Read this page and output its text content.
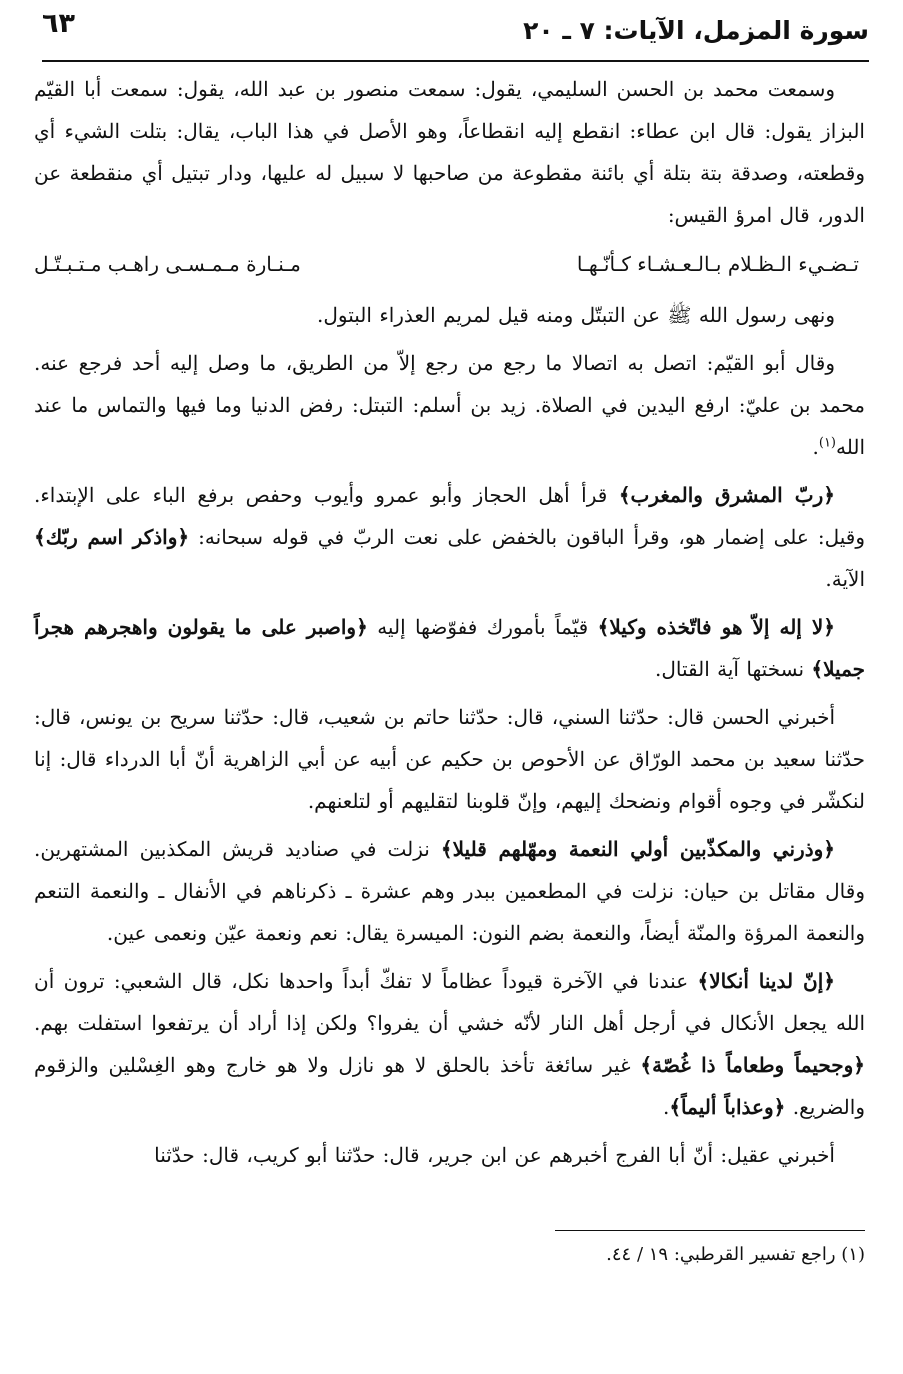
سورة المزمل، الآيات: ٧ ـ ٢٠
٦٣

وسمعت محمد بن الحسن السليمي، يقول: سمعت منصور بن عبد الله، يقول: سمعت أبا القيّم البزاز يقول: قال ابن عطاء: انقطع إليه انقطاعاً، وهو الأصل في هذا الباب، يقال: بتلت الشيء أي وقطعته، وصدقة بتة بتلة أي بائنة مقطوعة من صاحبها لا سبيل له عليها، ودار تبتيل أي منقطعة عن الدور، قال امرؤ القيس:

تـضـيء الـظـلام بـالـعـشـاء كـأنّـهـا
مـنـارة مـمـسـى راهـب مـتـبـتّـل

ونهى رسول الله ﷺ عن التبتّل ومنه قيل لمريم العذراء البتول.

وقال أبو القيّم: اتصل به اتصالا ما رجع من رجع إلاّ من الطريق، ما وصل إليه أحد فرجع عنه. محمد بن عليّ: ارفع اليدين في الصلاة. زيد بن أسلم: التبتل: رفض الدنيا وما فيها والتماس ما عند الله$^{(١)}$.

﴿ربّ المشرق والمغرب﴾ قرأ أهل الحجاز وأبو عمرو وأيوب وحفص برفع الباء على الإبتداء. وقيل: على إضمار هو، وقرأ الباقون بالخفض على نعت الربّ في قوله سبحانه: ﴿واذكر اسم ربّك﴾ الآية.

﴿لا إله إلاّ هو فاتّخذه وكيلا﴾ قيّماً بأمورك ففوّضها إليه ﴿واصبر على ما يقولون واهجرهم هجراً جميلا﴾ نسختها آية القتال.

أخبرني الحسن قال: حدّثنا السني، قال: حدّثنا حاتم بن شعيب، قال: حدّثنا سريح بن يونس، قال: حدّثنا سعيد بن محمد الورّاق عن الأحوص بن حكيم عن أبيه عن أبي الزاهرية أنّ أبا الدرداء قال: إنا لنكشّر في وجوه أقوام ونضحك إليهم، وإنّ قلوبنا لتقليهم أو لتلعنهم.

﴿وذرني والمكذّبين أولي النعمة ومهّلهم قليلا﴾ نزلت في صناديد قريش المكذبين المشتهرين. وقال مقاتل بن حيان: نزلت في المطعمين ببدر وهم عشرة ـ ذكرناهم في الأنفال ـ والنعمة التنعم والنعمة المرؤة والمنّة أيضاً، والنعمة بضم النون: الميسرة يقال: نعم ونعمة عيّن ونعمى عين.

﴿إنّ لدينا أنكالا﴾ عندنا في الآخرة قيوداً عظاماً لا تفكّ أبداً واحدها نكل، قال الشعبي: ترون أن الله يجعل الأنكال في أرجل أهل النار لأنّه خشي أن يفروا؟ ولكن إذا أراد أن يرتفعوا استفلت بهم. ﴿وجحيماً وطعاماً ذا غُصّة﴾ غير سائغة تأخذ بالحلق لا هو نازل ولا هو خارج وهو الغِسْلين والزقوم والضريع. ﴿وعذاباً أليماً﴾.

أخبرني عقيل: أنّ أبا الفرج أخبرهم عن ابن جرير، قال: حدّثنا أبو كريب، قال: حدّثنا

(١) راجع تفسير القرطبي: ١٩ / ٤٤.
